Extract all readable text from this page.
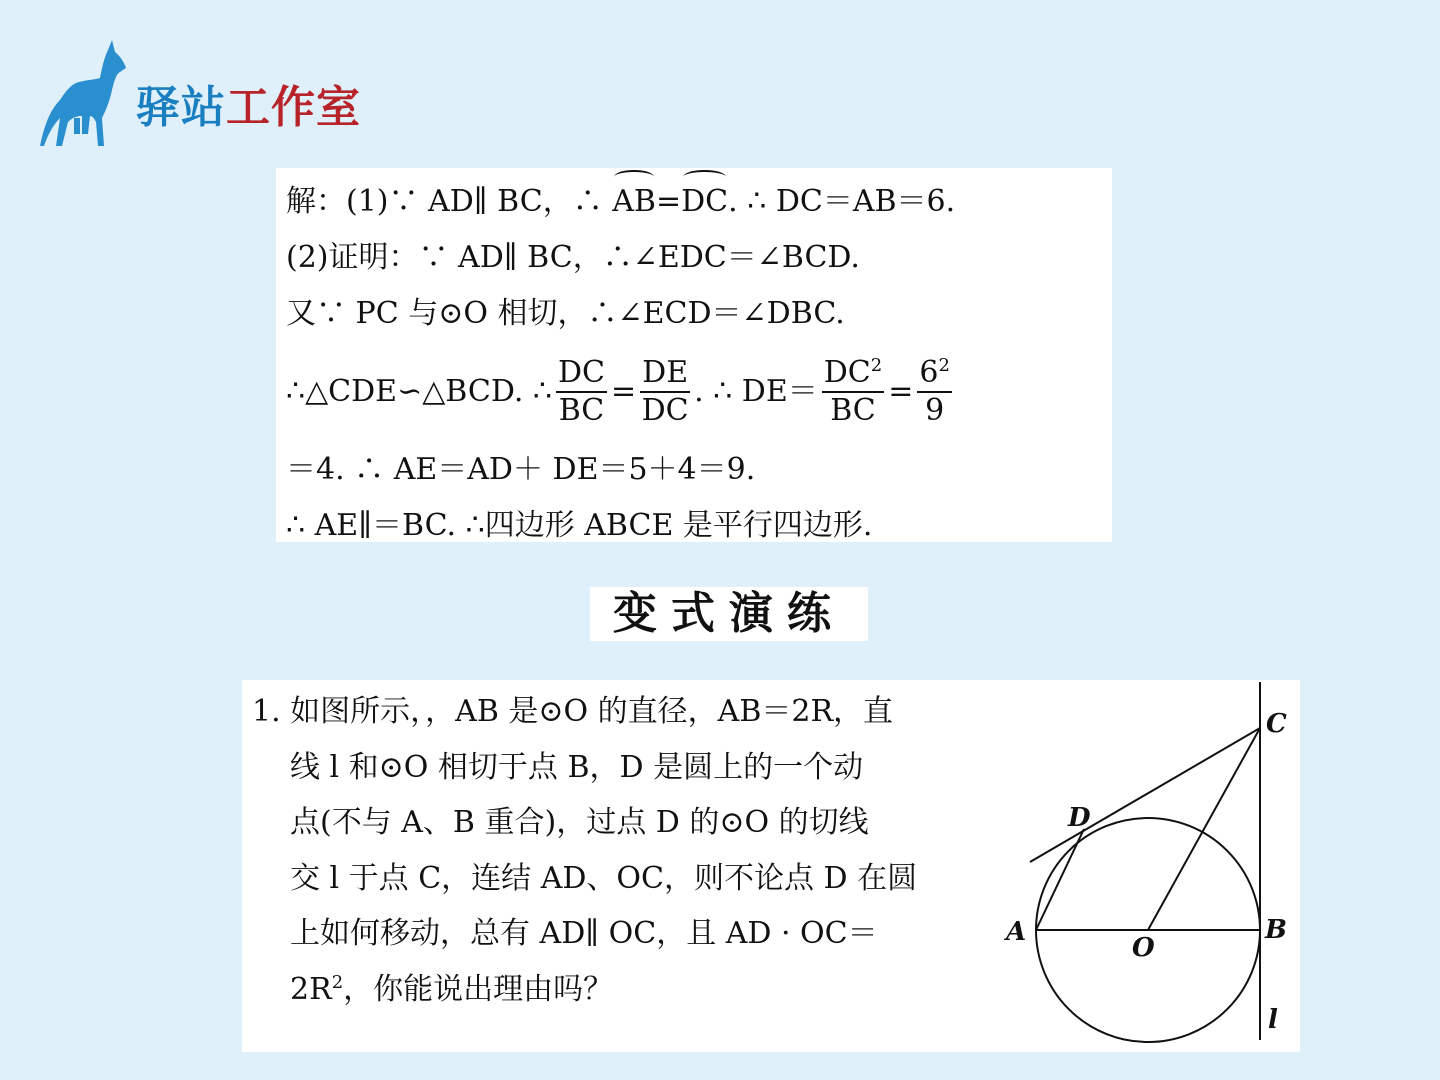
驿站工作室
解：(1)∵ AD∥ BC，∴ AB=DC. ∴ DC＝AB＝6.
(2)证明：∵ AD∥ BC，∴∠EDC＝∠BCD.
又∵ PC 与⊙O 相切，∴∠ECD＝∠DBC.
∴△CDE∽△BCD. ∴ $\frac{DC}{BC} = \frac{DE}{DC}$ . ∴ $DE= \frac{DC^2}{BC} = \frac{6^2}{9}$
＝4. ∴ AE＝AD＋ DE＝5＋4＝9.
∴ AE∥＝BC. ∴四边形 ABCE 是平行四边形.
变式演练
1. 如图所示，，AB 是⊙O 的直径，AB＝2R，直
线 l 和⊙O 相切于点 B，D 是圆上的一个动
点(不与 A、B 重合)，过点 D 的⊙O 的切线
交 l 于点 C，连结 AD、OC，则不论点 D 在圆
上如何移动，总有 AD∥ OC，且 AD · OC＝
$2R^2$，你能说出理由吗？
C
D
A
O
B
l
